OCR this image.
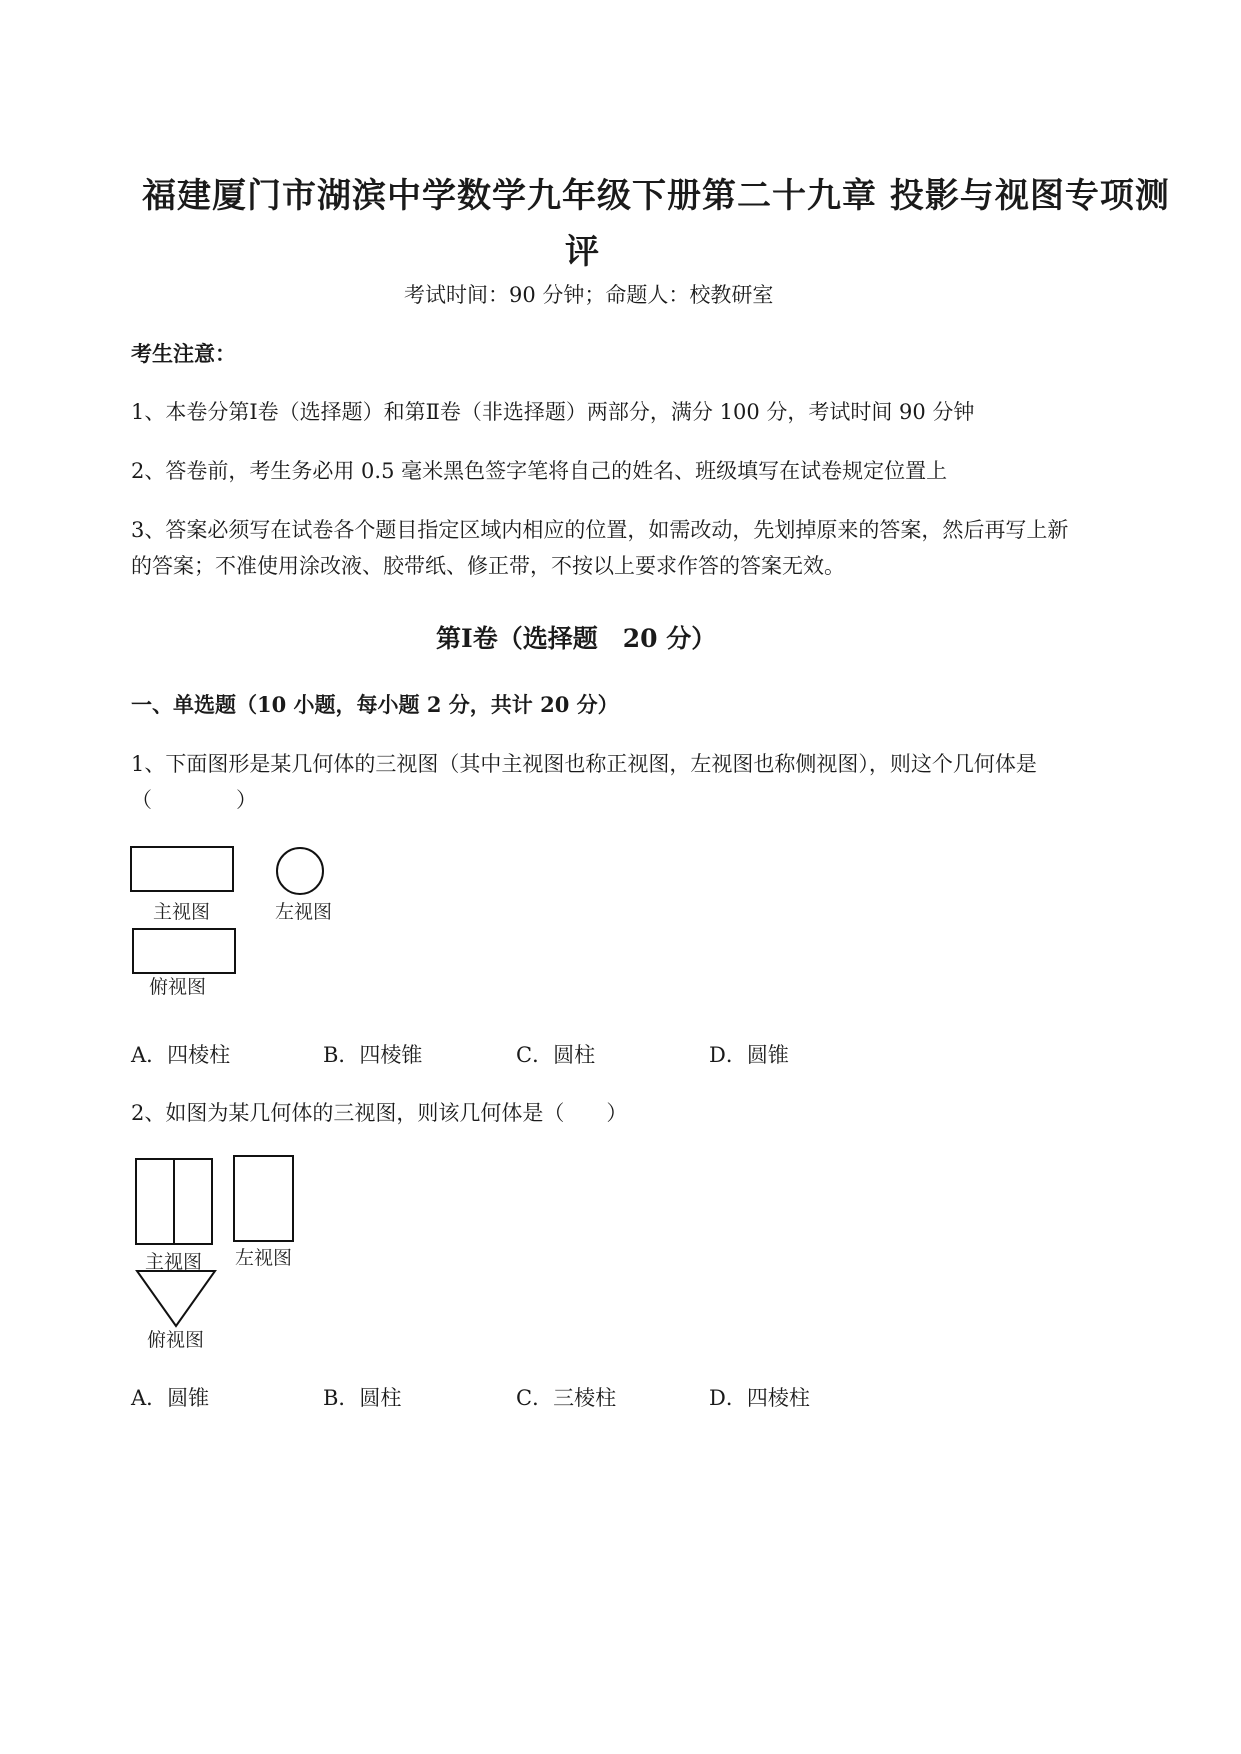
福建厦门市湖滨中学数学九年级下册第二十九章 投影与视图专项测
评
考试时间：90 分钟；命题人：校教研室
考生注意：
1、本卷分第Ⅰ卷（选择题）和第Ⅱ卷（非选择题）两部分，满分 100 分，考试时间 90 分钟
2、答卷前，考生务必用 0.5 毫米黑色签字笔将自己的姓名、班级填写在试卷规定位置上
3、答案必须写在试卷各个题目指定区域内相应的位置，如需改动，先划掉原来的答案，然后再写上新
的答案；不准使用涂改液、胶带纸、修正带，不按以上要求作答的答案无效。
第Ⅰ卷（选择题　20 分）
一、单选题（10 小题，每小题 2 分，共计 20 分）
1、下面图形是某几何体的三视图（其中主视图也称正视图，左视图也称侧视图），则这个几何体是
（　　　　）
主视图	左视图
俯视图
A．四棱柱	B．四棱锥	C．圆柱	D．圆锥
2、如图为某几何体的三视图，则该几何体是（　　）
主视图 左视图
俯视图
A．圆锥	B．圆柱	C．三棱柱	D．四棱柱
